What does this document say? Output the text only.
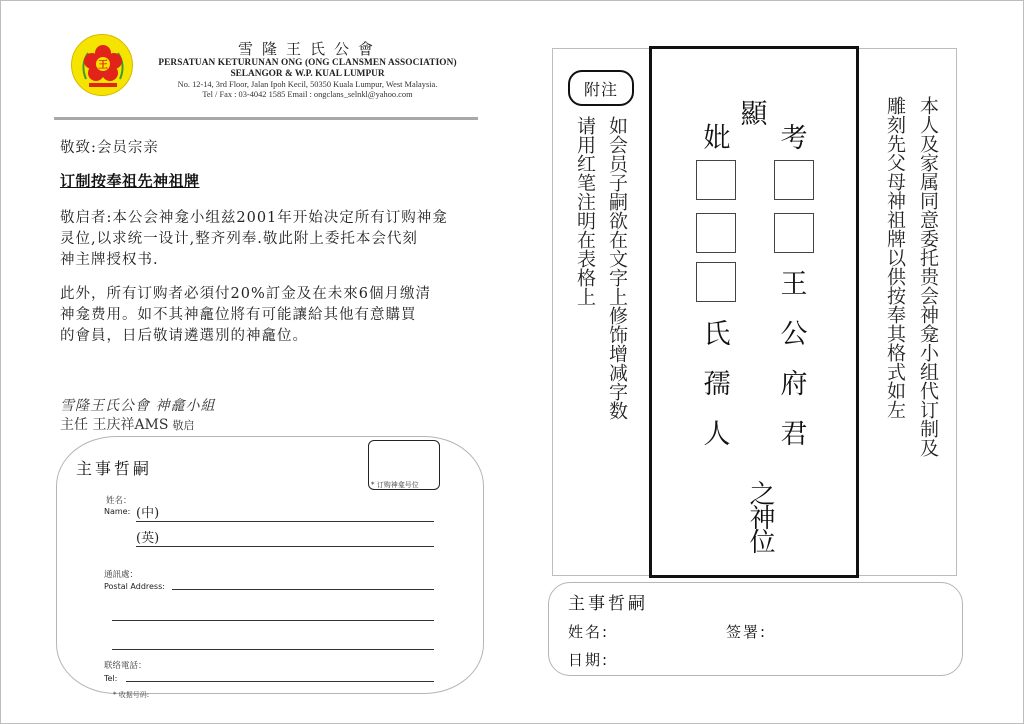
王
雪隆王氏公會
PERSATUAN KETURUNAN ONG (ONG CLANSMEN ASSOCIATION)
SELANGOR & W.P. KUAL LUMPUR
No. 12-14, 3rd Floor, Jalan Ipoh Kecil, 50350 Kuala Lumpur, West Malaysia.
Tel / Fax : 03-4042 1585 Email : ongclans_selnkl@yahoo.com
敬致:会员宗亲
订制按奉祖先神祖牌
敬启者:本公会神龛小组兹2001年开始决定所有订购神龛
灵位,以求统一设计,整齐列奉.敬此附上委托本会代刻
神主牌授权书.
此外，所有订购者必須付20%訂金及在未來6個月缴清
神龛费用。如不其神龕位將有可能讓給其他有意購買
的會員，日后敬请遴選別的神龕位。
雪隆王氏公會 神龕小組
主任 王庆祥AMS 敬启
主事哲嗣
* 订购神龛号位
姓名：
Name: (中)
(英)
通訊處：
Postal Address:
联络電話：
Tel:
* 收据号码:
附注
如会员子嗣欲在文字上修饰增减字数
请用红笔注明在表格上
顯
妣 考
王
公
府
君
氏
孺
人
之神位
本人及家属同意委托贵会神龛小组代订制及
雕刻先父母神祖牌以供按奉其格式如左
主事哲嗣
姓名:	签署:
日期:
